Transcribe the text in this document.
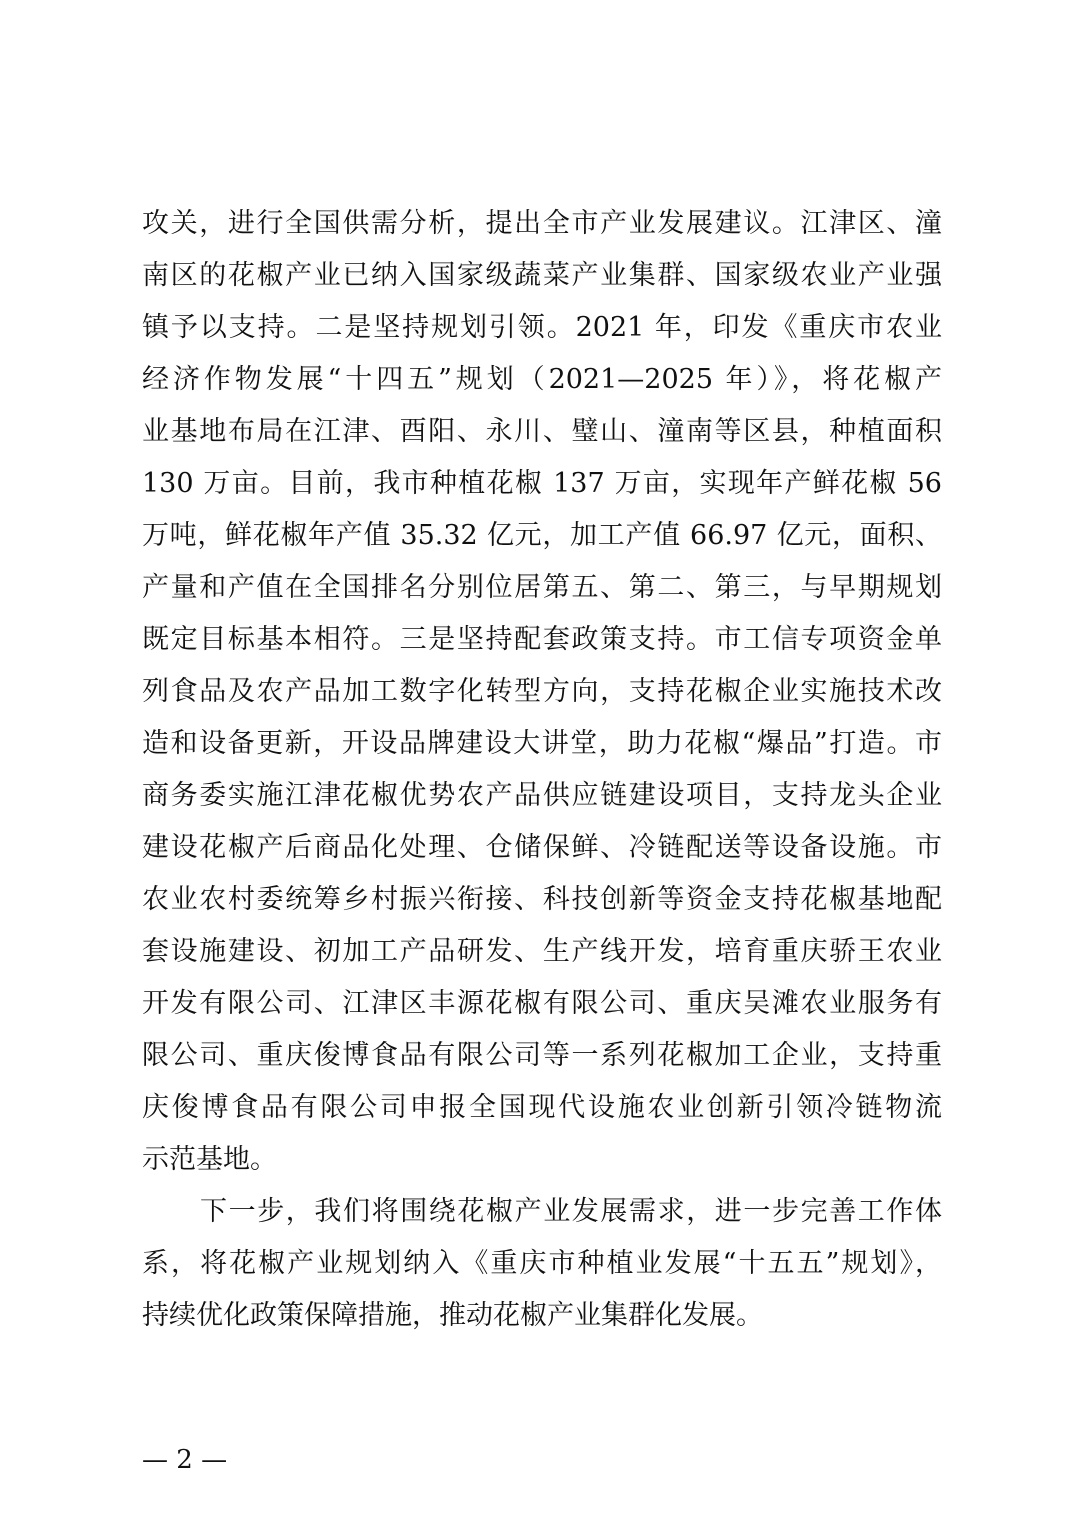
攻关，进行全国供需分析，提出全市产业发展建议。江津区、潼
南区的花椒产业已纳入国家级蔬菜产业集群、国家级农业产业强
镇予以支持。二是坚持规划引领。2021 年，印发《重庆市农业
经济作物发展“十四五”规划（2021—2025 年）》，将花椒产
业基地布局在江津、酉阳、永川、璧山、潼南等区县，种植面积
130 万亩。目前，我市种植花椒 137 万亩，实现年产鲜花椒 56
万吨，鲜花椒年产值 35.32 亿元，加工产值 66.97 亿元，面积、
产量和产值在全国排名分别位居第五、第二、第三，与早期规划
既定目标基本相符。三是坚持配套政策支持。市工信专项资金单
列食品及农产品加工数字化转型方向，支持花椒企业实施技术改
造和设备更新，开设品牌建设大讲堂，助力花椒“爆品”打造。市
商务委实施江津花椒优势农产品供应链建设项目，支持龙头企业
建设花椒产后商品化处理、仓储保鲜、冷链配送等设备设施。市
农业农村委统筹乡村振兴衔接、科技创新等资金支持花椒基地配
套设施建设、初加工产品研发、生产线开发，培育重庆骄王农业
开发有限公司、江津区丰源花椒有限公司、重庆吴滩农业服务有
限公司、重庆俊博食品有限公司等一系列花椒加工企业，支持重
庆俊博食品有限公司申报全国现代设施农业创新引领冷链物流
示范基地。
下一步，我们将围绕花椒产业发展需求，进一步完善工作体
系，将花椒产业规划纳入《重庆市种植业发展“十五五”规划》，
持续优化政策保障措施，推动花椒产业集群化发展。
— 2 —
